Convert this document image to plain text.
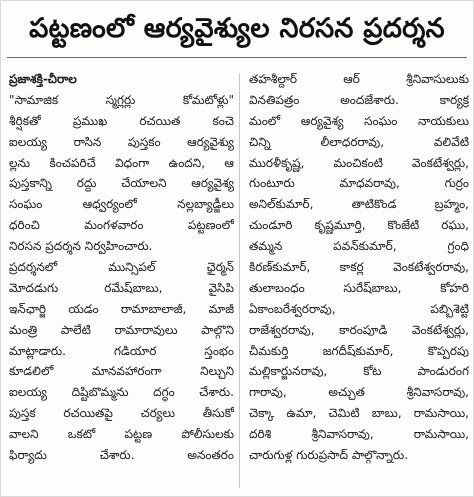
పట్టణంలో ఆర్యవైశ్యుల నిరసన ప్రదర్శన
ప్రజాశక్తి-చీరాల
"సామాజిక స్మగ్లర్లు కోమటోళ్లు"
శీర్షికతో ప్రముఖ రచయిత కంచె
ఐలయ్య రాసిన పుస్తకం ఆర్యవైశ్యు
ల్లను కించపరిచే విధంగా ఉందని, ఆ
పుస్తకాన్ని రద్దు చేయాలని ఆర్యవైశ్య
సంఘం ఆధ్వర్యంలో నల్లబ్యాడ్జీలు
ధరించి మంగళవారం పట్టణంలో
నిరసన ప్రదర్శన నిర్వహించారు.
ప్రదర్శనలో మున్సిపల్ ఛైర్మన్
మోదడుగు రమేష్‌బాబు, వైసిపి
ఇన్‌ఛార్జి యడం రామాబాలాజీ, మాజీ
మంత్రి పాలేటి రామారావులు పాల్గొని
మాట్లాడారు. గడియార స్తంభం
కూడలిలో మానవహారంగా నిల్చుని
ఐలయ్య దిష్టిబొమ్మను దగ్ధం చేశారు.
పుస్తక రచయితపై చర్యలు తీసుకో
వాలని ఒకటో పట్టణ పోలీసులకు
ఫిర్యాదు చేశారు. అనంతరం
తహశీల్దార్ ఆర్ శ్రీనివాసులుకు
వినతిపత్రం అందజేశారు. కార్యక్ర
మంలో ఆర్యవైశ్య సంఘం నాయకులు
చిన్ని లీలాధరరావు, వలివేటి
మురళీకృష్ణ, మంచికంటి వెంకటేశ్వర్లు,
గుంటూరు మాధవరావు, గుర్రం
అనిల్‌కుమార్, తాటికొండ బ్రహ్మం,
చుండూరి కృష్ణమూర్తి, కొంజేటి రఘు,
తమ్మన పవన్‌కుమార్, గ్రంధి
కిరణ్‌కుమార్, కాకర్ల వెంకటేశ్వరరావు,
తులాబంధం సురేష్‌బాబు, కోహరి
ఏకాంబరేశ్వరరావు, పబ్బిశెట్టి
రాజేశ్వరరావు, కారంపూడి వెంకటేశ్వర్లు,
చీమకుర్తి జగదీష్‌కుమార్, కొప్పరపు
మల్లికార్జునరావు, కోట పాండురంగ
గారావు, అచ్చుత శ్రీనివాసరావు,
చెక్కా ఉమా, చెమిటి బాబు, రామసాయి,
దరిశి శ్రీనివాసరావు, రామసాయి,
చారుగుళ్ల గురుప్రసాద్ పాల్గొన్నారు.
